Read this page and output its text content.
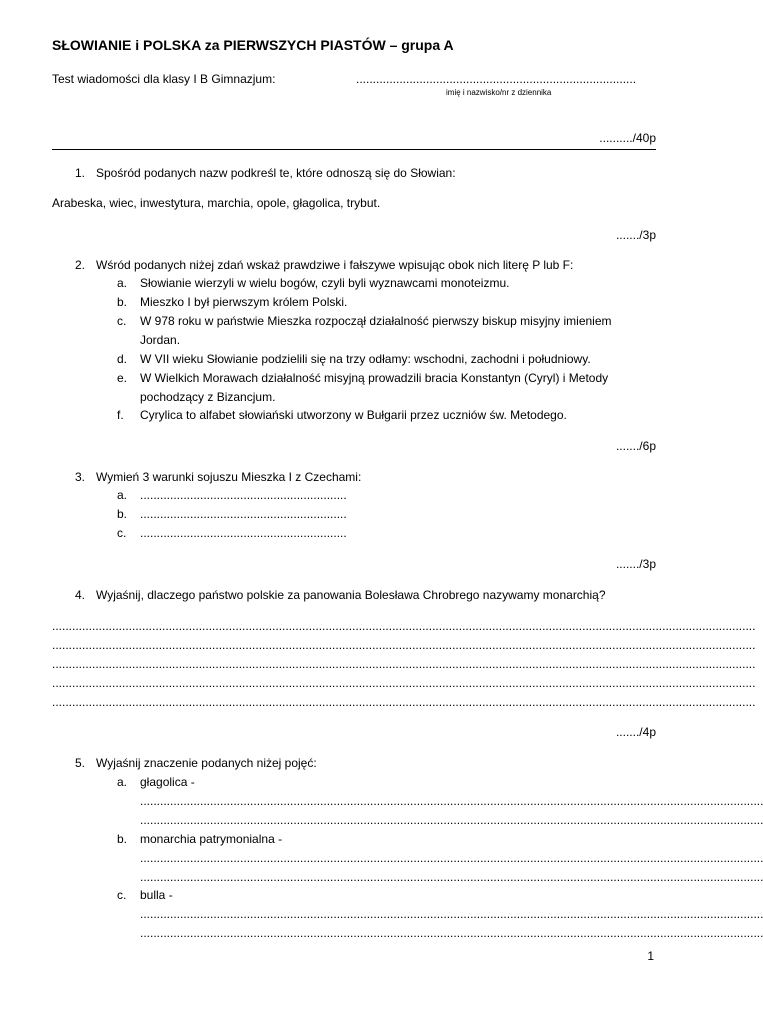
SŁOWIANIE i POLSKA za PIERWSZYCH PIASTÓW – grupa A
Test wiadomości dla klasy I B Gimnazjum:	....................................................................................
imię i nazwisko/nr z dziennika
........../40p
1. Spośród podanych nazw podkreśl te, które odnoszą się do Słowian:
Arabeska, wiec, inwestytura, marchia, opole, głagolica, trybut.
......./3p
2. Wśród podanych niżej zdań wskaż prawdziwe i fałszywe wpisując obok nich literę P lub F:
a. Słowianie wierzyli w wielu bogów, czyli byli wyznawcami monoteizmu.
b. Mieszko I był pierwszym królem Polski.
c. W 978 roku w państwie Mieszka rozpoczął działalność pierwszy biskup misyjny imieniem
Jordan.
d. W VII wieku Słowianie podzielili się na trzy odłamy: wschodni, zachodni i południowy.
e. W Wielkich Morawach działalność misyjną prowadzili bracia Konstantyn (Cyryl) i Metody
pochodzący z Bizancjum.
f. Cyrylica to alfabet słowiański utworzony w Bułgarii przez uczniów św. Metodego.
......./6p
3. Wymień 3 warunki sojuszu Mieszka I z Czechami:
a. ..............................................................
b. ..............................................................
c. ..............................................................
......./3p
4. Wyjaśnij, dlaczego państwo polskie za panowania Bolesława Chrobrego nazywamy monarchią?
...................................................................................................................................................................................................................
...................................................................................................................................................................................................................
...................................................................................................................................................................................................................
...................................................................................................................................................................................................................
...................................................................................................................................................................................................................
......./4p
5. Wyjaśnij znaczenie podanych niżej pojęć:
a. głagolica -
...........................................................................................................................................................................................
...........................................................................................................................................................................................
b. monarchia patrymonialna -
...........................................................................................................................................................................................
...........................................................................................................................................................................................
c. bulla -
...........................................................................................................................................................................................
...........................................................................................................................................................................................
1
